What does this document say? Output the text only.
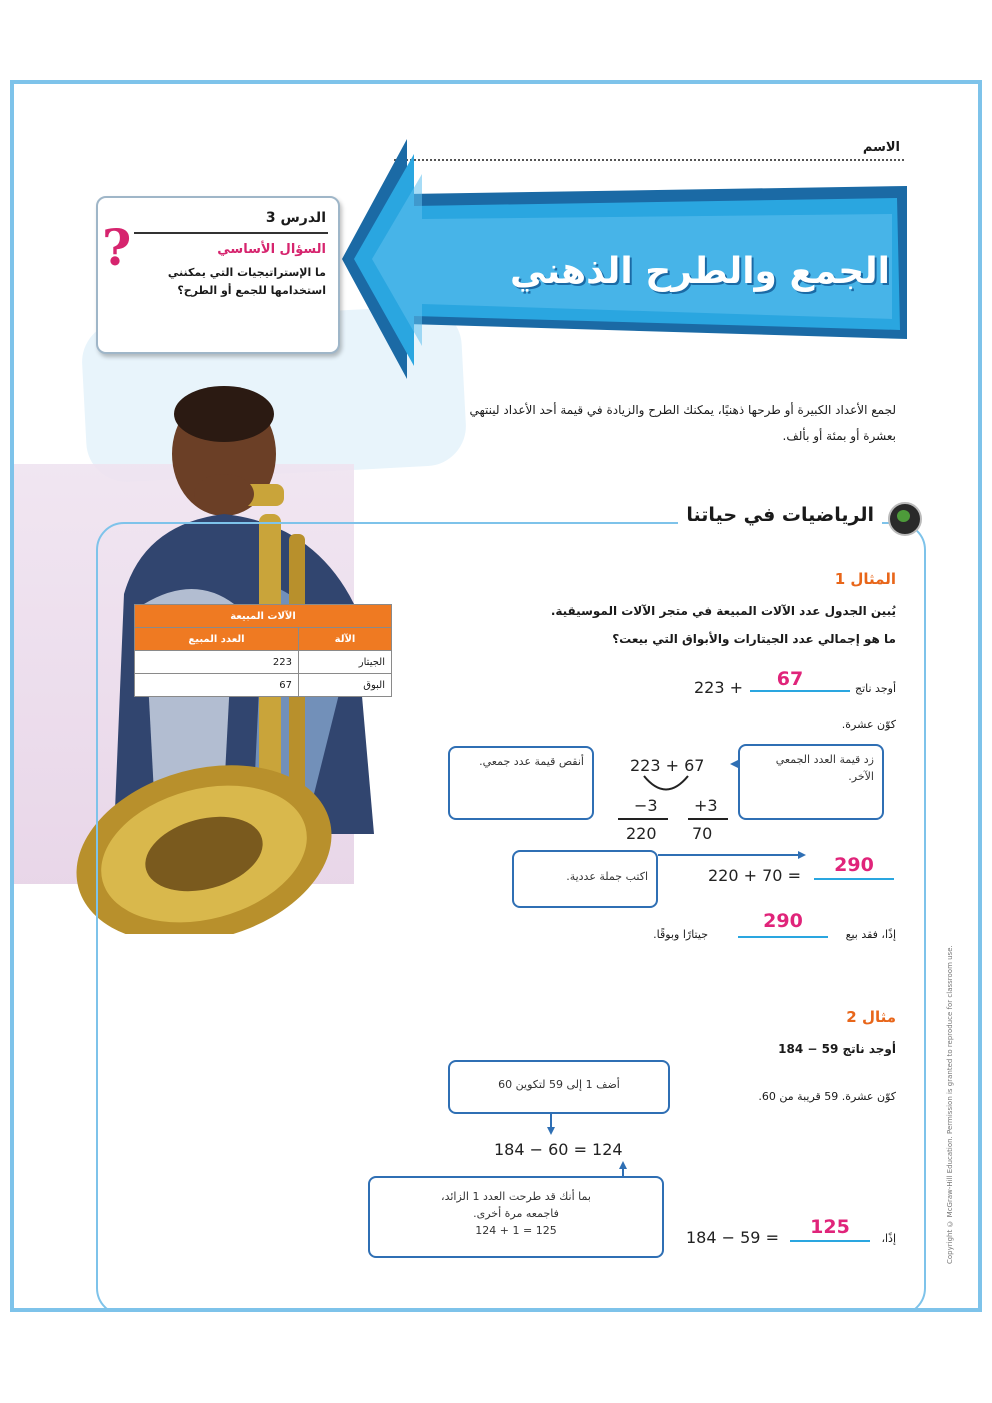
الاسم
الجمع والطرح الذهني
?	الدرس 3
السؤال الأساسي
ما الإستراتيجيات التي يمكنني استخدامها للجمع أو الطرح؟
لجمع الأعداد الكبيرة أو طرحها ذهنيًا، يمكنك الطرح والزيادة في قيمة أحد الأعداد لينتهي بعشرة أو بمئة أو بألف.
الآلات المبيعة	
العدد المبيع	الآلة
223	الجيتار
67	البوق
الرياضيات في حياتنا
المثال 1
يُبين الجدول عدد الآلات المبيعة في متجر الآلات الموسيقية.
ما هو إجمالي عدد الجيتارات والأبواق التي بيعت؟
أوجد ناتج
67
223 +
كوّن عشرة.
223 + 67
−3 +3
220 70
أنقص قيمة عدد جمعي.	زد قيمة العدد الجمعي الآخر.
اكتب جملة عددية.	220 + 70 =	290
إذًا، فقد بيع
290
جيتارًا وبوقًا.
مثال 2
أوجد ناتج 59 − 184
كوّن عشرة. 59 قريبة من 60.
أضف 1 إلى 59 لتكوين 60
184 − 60 = 124
بما أنك قد طرحت العدد 1 الزائد،
فاجمعه مرة أخرى.
124 + 1 = 125
إذًا،
184 − 59 =	125	Copyright © McGraw-Hill Education. Permission is granted to reproduce for classroom use.
